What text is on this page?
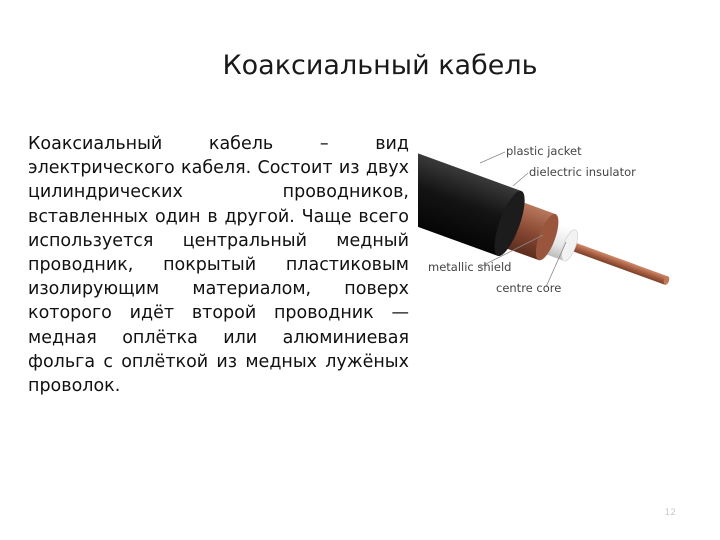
Коаксиальный кабель
Коаксиальный кабель – вид электрического кабеля. Состоит из двух цилиндрических проводников, вставленных один в другой. Чаще всего используется центральный медный проводник, покрытый пластиковым изолирующим материалом, поверх которого идёт второй проводник — медная оплётка или алюминиевая фольга с оплёткой из медных лужёных проволок.
plastic jacket
dielectric insulator
metallic shield
centre core
12
